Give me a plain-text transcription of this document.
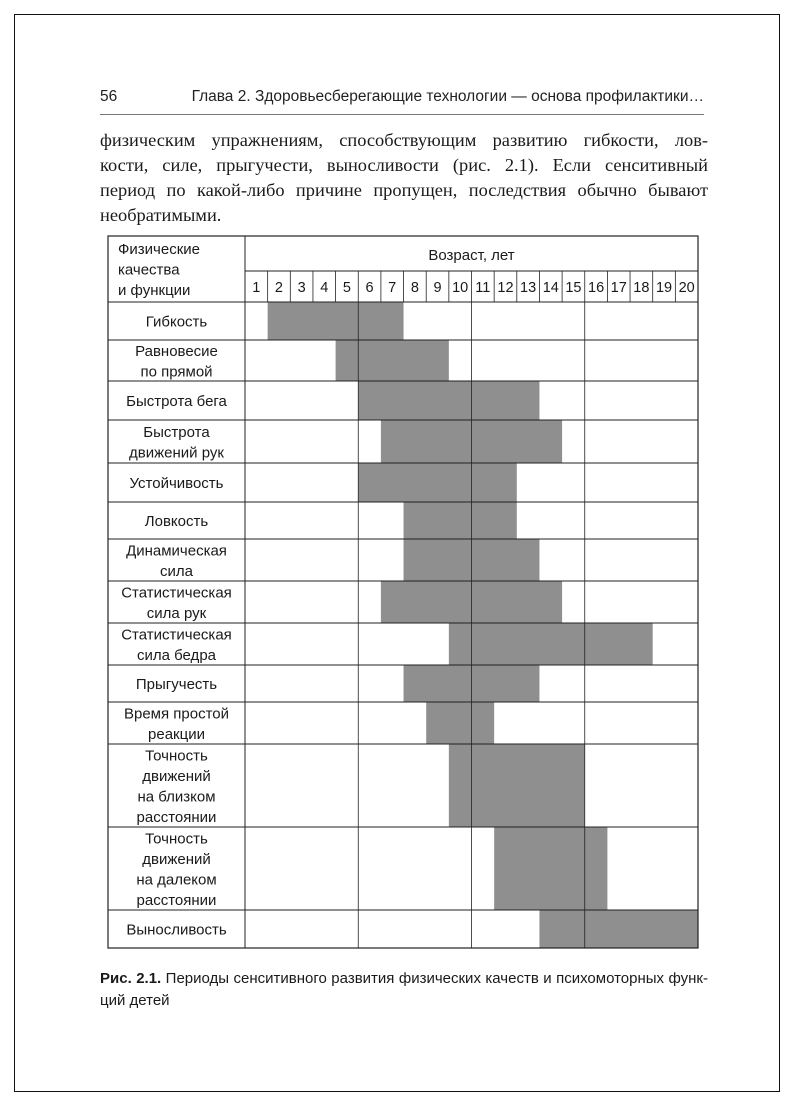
56	Глава 2. Здоровьесберегающие технологии — основа профилактики…
физическим упражнениям, способствующим развитию гибкости, лов-
кости, силе, прыгучести, выносливости (рис. 2.1). Если сенситивный
период по какой-либо причине пропущен, последствия обычно бывают
необратимыми.
Физические
качества
и функции
Возраст, лет
1 2 3 4 5 6 7 8 9 10 11 12 13 14 15 16 17 18 19 20
Гибкость
Равновесие
по прямой
Быстрота бега
Быстрота
движений рук
Устойчивость
Ловкость
Динамическая
сила
Статистическая
сила рук
Статистическая
сила бедра
Прыгучесть
Время простой
реакции
Точность
движений
на близком
расстоянии
Точность
движений
на далеком
расстоянии
Выносливость
Рис. 2.1. Периоды сенситивного развития физических качеств и психомоторных функ-
ций детей
